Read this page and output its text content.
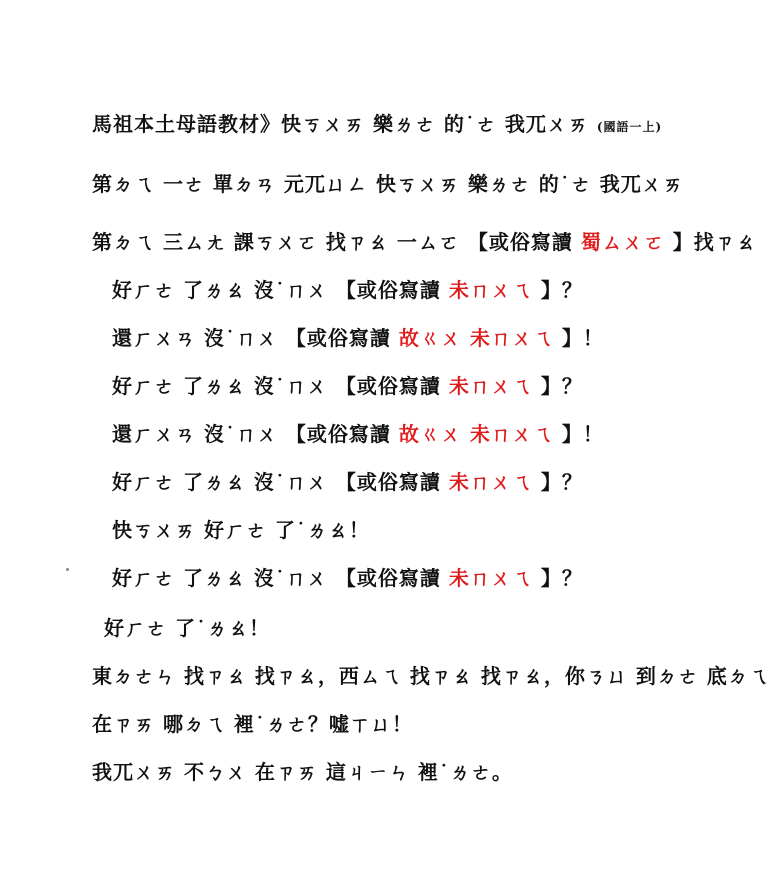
馬祖本土母語教材》快ㄎㄨㄞ 樂ㄌㄜ 的˙ㄜ 我ㄫㄨㄞ (國語一上)
第ㄉㄟ 一ㄜ 單ㄉㄢ 元ㄫㄩㄥ 快ㄎㄨㄞ 樂ㄌㄜ 的˙ㄜ 我ㄫㄨㄞ
第ㄉㄟ 三ㄙㄤ 課ㄎㄨㄛ 找ㄗㄠ 一ㄙㄛ 【或俗寫讀 蜀ㄙㄨㄛ 】找ㄗㄠ
好ㄏㄜ 了ㄌㄠ 沒˙ㄇㄨ 【或俗寫讀 未ㄇㄨㄟ 】？
還ㄏㄨㄢ 沒˙ㄇㄨ 【或俗寫讀 故ㄍㄨ 未ㄇㄨㄟ 】！
好ㄏㄜ 了ㄌㄠ 沒˙ㄇㄨ 【或俗寫讀 未ㄇㄨㄟ 】？
還ㄏㄨㄢ 沒˙ㄇㄨ 【或俗寫讀 故ㄍㄨ 未ㄇㄨㄟ 】！
好ㄏㄜ 了ㄌㄠ 沒˙ㄇㄨ 【或俗寫讀 未ㄇㄨㄟ 】？
快ㄎㄨㄞ 好ㄏㄜ 了˙ㄌㄠ！
好ㄏㄜ 了ㄌㄠ 沒˙ㄇㄨ 【或俗寫讀 未ㄇㄨㄟ 】？
好ㄏㄜ 了˙ㄌㄠ！
東ㄉㄜㄣ 找ㄗㄠ 找ㄗㄠ，西ㄙㄟ 找ㄗㄠ 找ㄗㄠ，你ㄋㄩ 到ㄉㄜ 底ㄉㄟ
在ㄗㄞ 哪ㄉㄟ 裡˙ㄌㄜ？嘘ㄒㄩ！
我ㄫㄨㄞ 不ㄅㄨ 在ㄗㄞ 這ㄐㄧㄣ 裡˙ㄌㄜ。
